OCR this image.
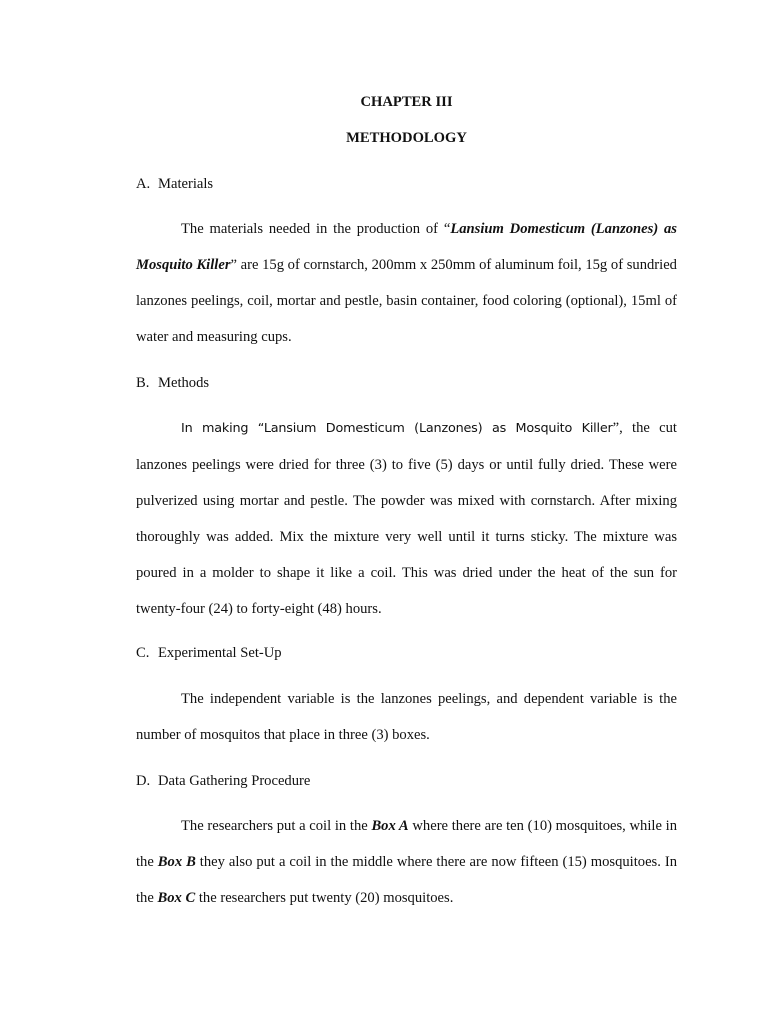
CHAPTER III
METHODOLOGY
A. Materials

The materials needed in the production of “Lansium Domesticum (Lanzones) as Mosquito Killer” are 15g of cornstarch, 200mm x 250mm of aluminum foil, 15g of sundried lanzones peelings, coil, mortar and pestle, basin container, food coloring (optional), 15ml of water and measuring cups.

B. Methods

In making “Lansium Domesticum (Lanzones) as Mosquito Killer”, the cut lanzones peelings were dried for three (3) to five (5) days or until fully dried. These were pulverized using mortar and pestle. The powder was mixed with cornstarch. After mixing thoroughly was added. Mix the mixture very well until it turns sticky. The mixture was poured in a molder to shape it like a coil. This was dried under the heat of the sun for twenty-four (24) to forty-eight (48) hours.

C. Experimental Set-Up

The independent variable is the lanzones peelings, and dependent variable is the number of mosquitos that place in three (3) boxes.

D. Data Gathering Procedure

The researchers put a coil in the Box A where there are ten (10) mosquitoes, while in the Box B they also put a coil in the middle where there are now fifteen (15) mosquitoes. In the Box C the researchers put twenty (20) mosquitoes.
